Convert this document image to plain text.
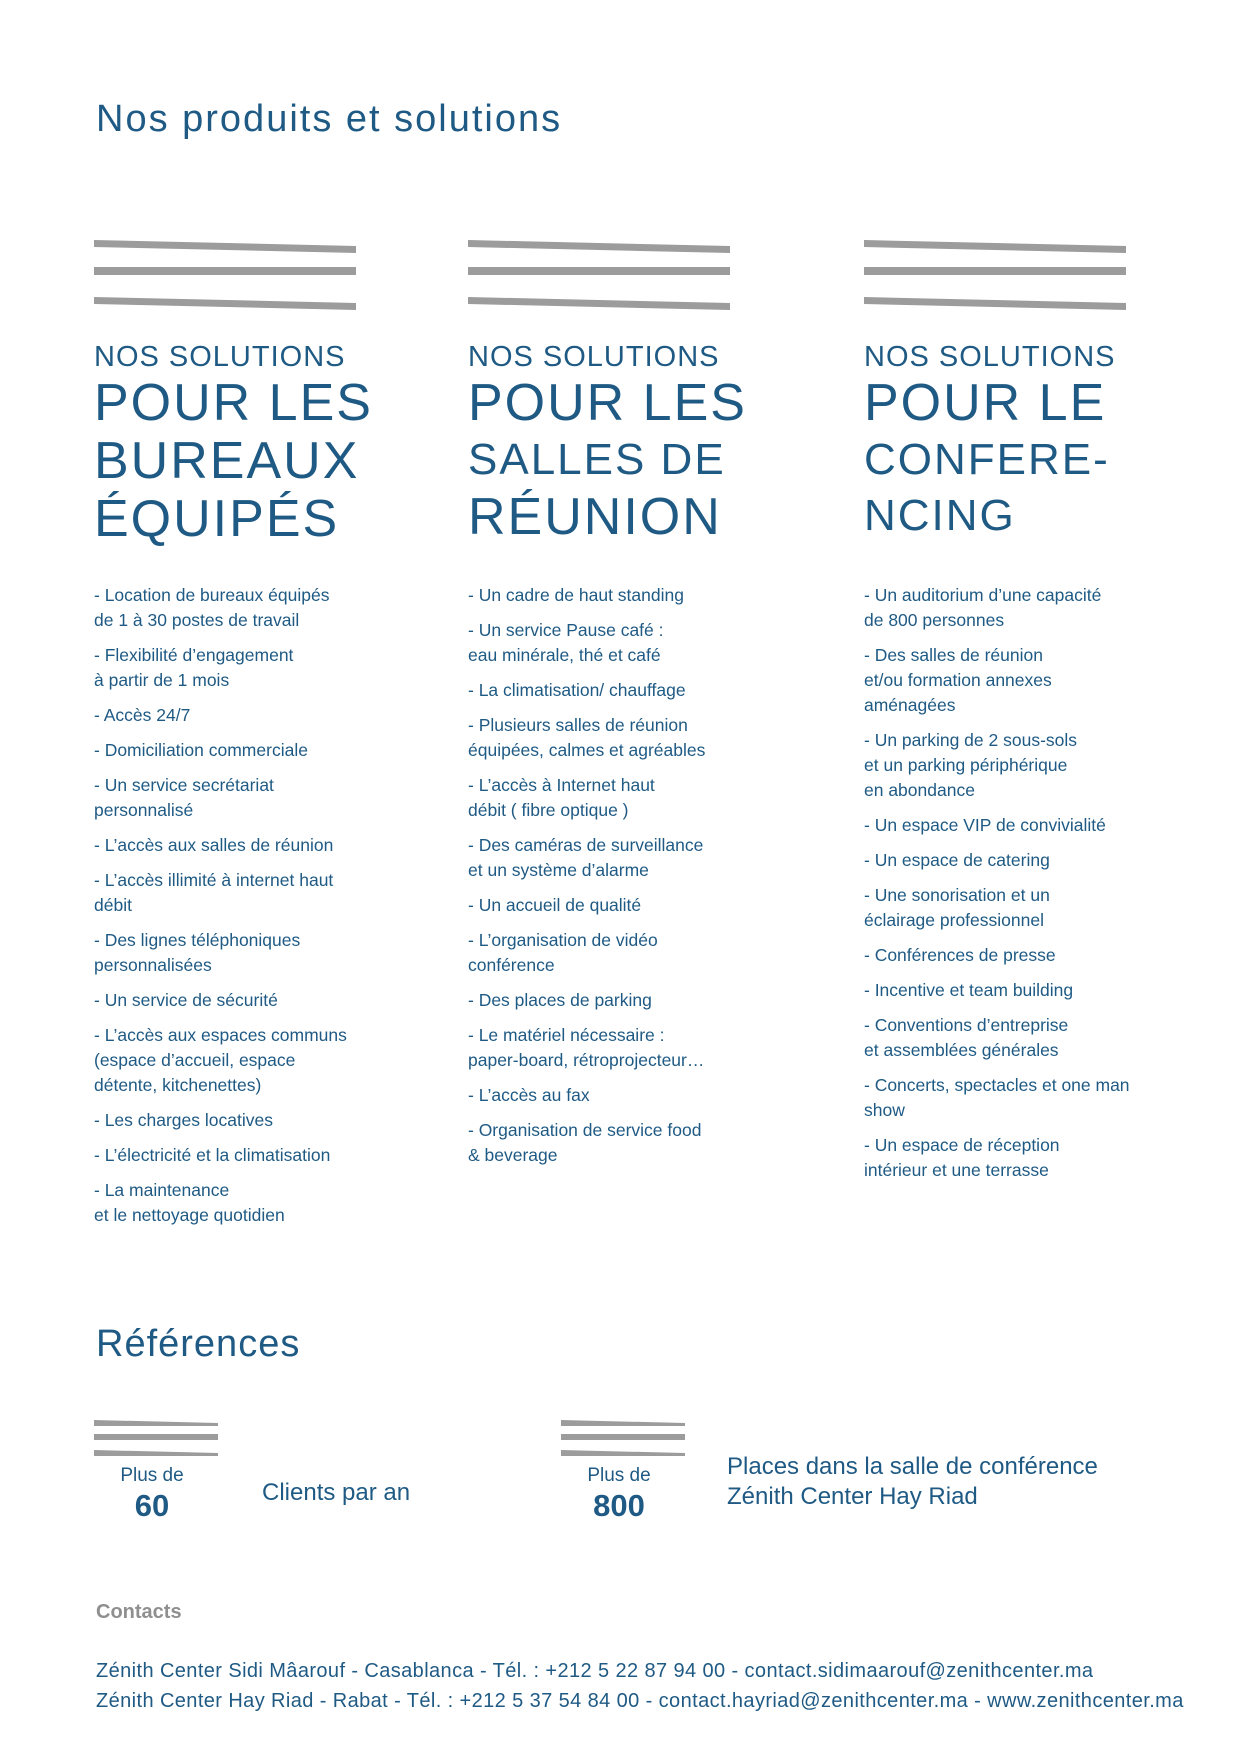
Nos produits et solutions
NOS SOLUTIONS
POUR LES
BUREAUX
ÉQUIPÉS
- Location de bureaux équipés
de 1 à 30 postes de travail
- Flexibilité d’engagement
à partir de 1 mois
- Accès 24/7
- Domiciliation commerciale
- Un service secrétariat
personnalisé
- L’accès aux salles de réunion
- L’accès illimité à internet haut
débit
- Des lignes téléphoniques
personnalisées
- Un service de sécurité
- L’accès aux espaces communs
(espace d’accueil, espace
détente, kitchenettes)
- Les charges locatives
- L’électricité et la climatisation
- La maintenance
et le nettoyage quotidien
NOS SOLUTIONS
POUR LES
SALLES DE
RÉUNION
- Un cadre de haut standing
- Un service Pause café :
eau minérale, thé et café
- La climatisation/ chauffage
- Plusieurs salles de réunion
équipées, calmes et agréables
- L’accès à Internet haut
débit ( fibre optique )
- Des caméras de surveillance
et un système d’alarme
- Un accueil de qualité
- L’organisation de vidéo
conférence
- Des places de parking
- Le matériel nécessaire :
paper-board, rétroprojecteur…
- L’accès au fax
- Organisation de service food
& beverage
NOS SOLUTIONS
POUR LE
CONFERE-
NCING
- Un auditorium d’une capacité
de 800 personnes
- Des salles de réunion
et/ou formation annexes
aménagées
- Un parking de 2 sous-sols
et un parking périphérique
en abondance
- Un espace VIP de convivialité
- Un espace de catering
- Une sonorisation et un
éclairage professionnel
- Conférences de presse
- Incentive et team building
- Conventions d’entreprise
et assemblées générales
- Concerts, spectacles et one man
show
- Un espace de réception
intérieur et une terrasse
Références
Plus de
60	Clients par an
Plus de
800
Places dans la salle de conférence
Zénith Center Hay Riad
Contacts
Zénith Center Sidi Mâarouf - Casablanca - Tél. : +212 5 22 87 94 00 - contact.sidimaarouf@zenithcenter.ma
Zénith Center Hay Riad - Rabat - Tél. : +212 5 37 54 84 00 - contact.hayriad@zenithcenter.ma - www.zenithcenter.ma
